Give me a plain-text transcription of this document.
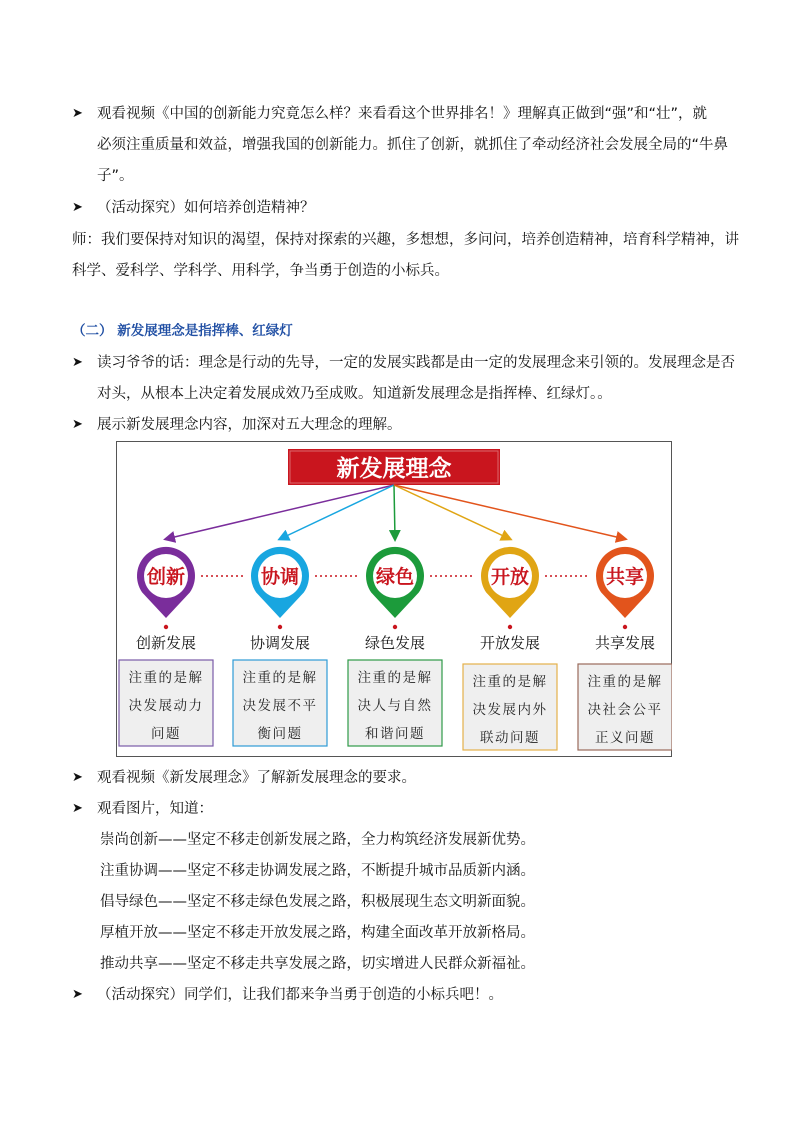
➤ 观看视频《中国的创新能力究竟怎么样？来看看这个世界排名！》理解真正做到“强”和“壮”，就
必须注重质量和效益，增强我国的创新能力。抓住了创新，就抓住了牵动经济社会发展全局的“牛鼻
子”。
➤ （活动探究）如何培养创造精神？
师：我们要保持对知识的渴望，保持对探索的兴趣，多想想，多问问，培养创造精神，培育科学精神，讲
科学、爱科学、学科学、用科学，争当勇于创造的小标兵。
（二） 新发展理念是指挥棒、红绿灯
➤ 读习爷爷的话：理念是行动的先导，一定的发展实践都是由一定的发展理念来引领的。发展理念是否
对头，从根本上决定着发展成效乃至成败。知道新发展理念是指挥棒、红绿灯。。
➤ 展示新发展理念内容，加深对五大理念的理解。
新发展理念
创新
创新发展
注重的是解
决发展动力
问题
协调
协调发展
注重的是解
决发展不平
衡问题
绿色
绿色发展
注重的是解
决人与自然
和谐问题
开放
开放发展
注重的是解
决发展内外
联动问题
共享
共享发展
注重的是解
决社会公平
正义问题
➤ 观看视频《新发展理念》了解新发展理念的要求。
➤ 观看图片，知道：
崇尚创新——坚定不移走创新发展之路，全力构筑经济发展新优势。
注重协调——坚定不移走协调发展之路，不断提升城市品质新内涵。
倡导绿色——坚定不移走绿色发展之路，积极展现生态文明新面貌。
厚植开放——坚定不移走开放发展之路，构建全面改革开放新格局。
推动共享——坚定不移走共享发展之路，切实增进人民群众新福祉。
➤ （活动探究）同学们，让我们都来争当勇于创造的小标兵吧！。
